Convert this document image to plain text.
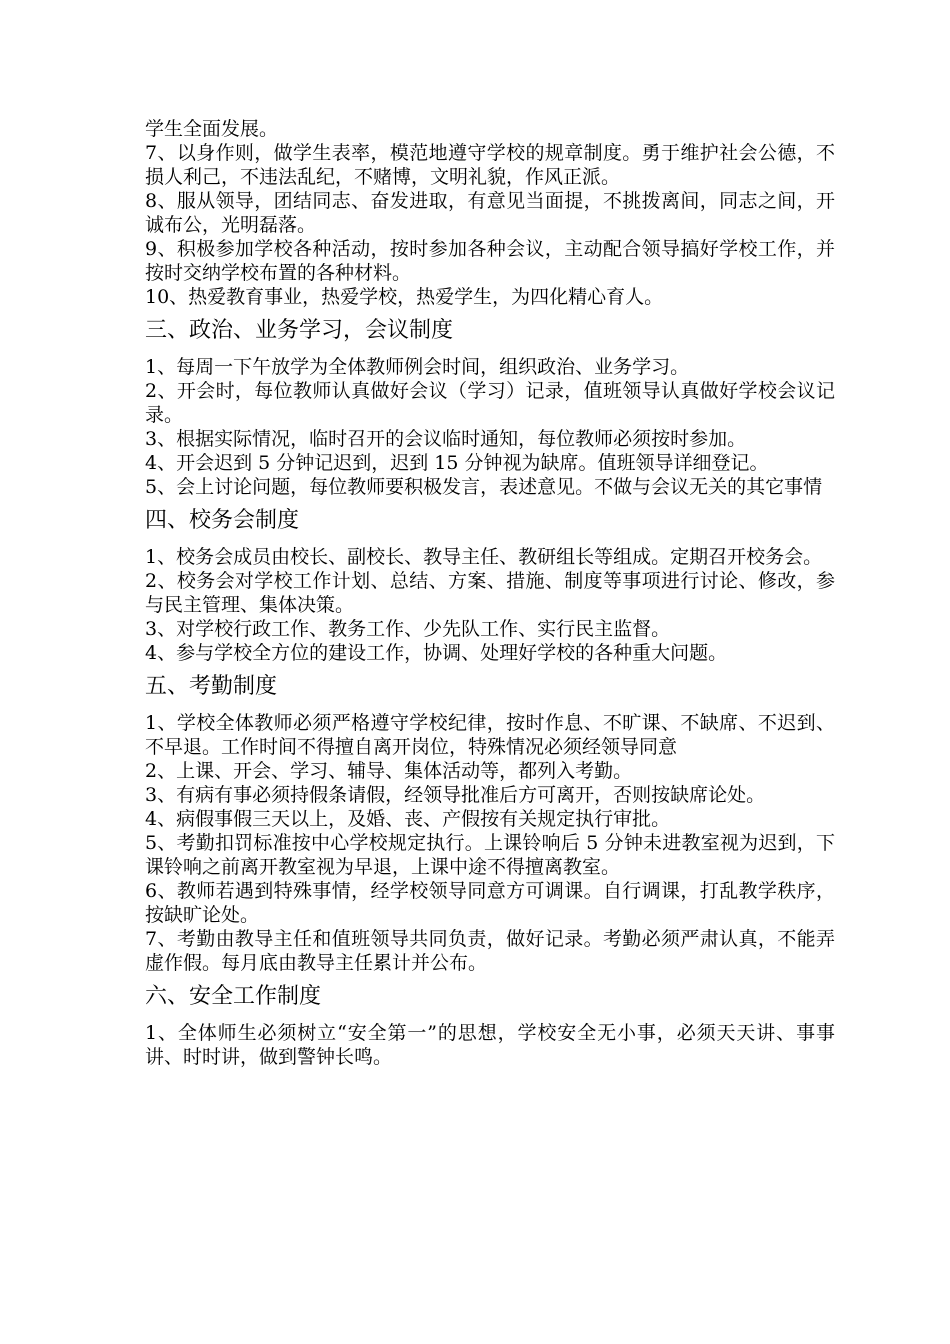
学生全面发展。

7、以身作则，做学生表率，模范地遵守学校的规章制度。勇于维护社会公德，不损人利己，不违法乱纪，不赌博，文明礼貌，作风正派。

8、服从领导，团结同志、奋发进取，有意见当面提，不挑拨离间，同志之间，开诚布公，光明磊落。

9、积极参加学校各种活动，按时参加各种会议，主动配合领导搞好学校工作，并按时交纳学校布置的各种材料。

10、热爱教育事业，热爱学校，热爱学生，为四化精心育人。

三、政治、业务学习，会议制度

1、每周一下午放学为全体教师例会时间，组织政治、业务学习。

2、开会时，每位教师认真做好会议（学习）记录，值班领导认真做好学校会议记录。

3、根据实际情况，临时召开的会议临时通知，每位教师必须按时参加。

4、开会迟到 5 分钟记迟到，迟到 15 分钟视为缺席。值班领导详细登记。

5、会上讨论问题，每位教师要积极发言，表述意见。不做与会议无关的其它事情

四、校务会制度

1、校务会成员由校长、副校长、教导主任、教研组长等组成。定期召开校务会。

2、校务会对学校工作计划、总结、方案、措施、制度等事项进行讨论、修改，参与民主管理、集体决策。

3、对学校行政工作、教务工作、少先队工作、实行民主监督。

4、参与学校全方位的建设工作，协调、处理好学校的各种重大问题。

五、考勤制度

1、学校全体教师必须严格遵守学校纪律，按时作息、不旷课、不缺席、不迟到、不早退。工作时间不得擅自离开岗位，特殊情况必须经领导同意

2、上课、开会、学习、辅导、集体活动等，都列入考勤。

3、有病有事必须持假条请假，经领导批准后方可离开，否则按缺席论处。

4、病假事假三天以上，及婚、丧、产假按有关规定执行审批。

5、考勤扣罚标准按中心学校规定执行。上课铃响后 5 分钟未进教室视为迟到，下课铃响之前离开教室视为早退，上课中途不得擅离教室。

6、教师若遇到特殊事情，经学校领导同意方可调课。自行调课，打乱教学秩序，按缺旷论处。

7、考勤由教导主任和值班领导共同负责，做好记录。考勤必须严肃认真，不能弄虚作假。每月底由教导主任累计并公布。

六、安全工作制度

1、全体师生必须树立“安全第一”的思想，学校安全无小事，必须天天讲、事事讲、时时讲，做到警钟长鸣。
